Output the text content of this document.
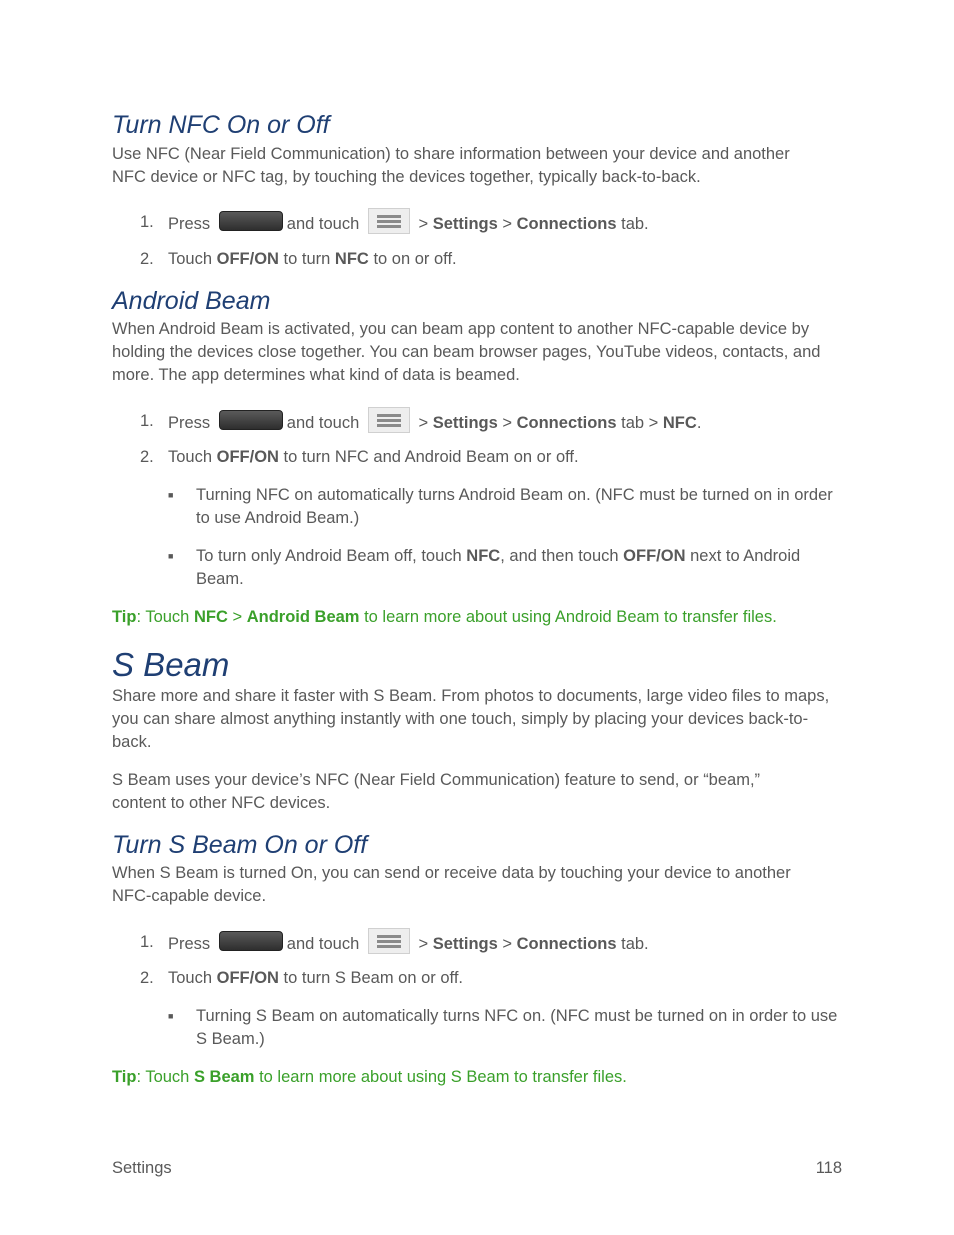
Turn NFC On or Off

Use NFC (Near Field Communication) to share information between your device and another NFC device or NFC tag, by touching the devices together, typically back-to-back.

1. Press	and touch	> Settings > Connections tab.
2. Touch OFF/ON to turn NFC to on or off.
Android Beam

When Android Beam is activated, you can beam app content to another NFC-capable device by holding the devices close together. You can beam browser pages, YouTube videos, contacts, and more. The app determines what kind of data is beamed.

1. Press	and touch	> Settings > Connections tab > NFC.
2. Touch OFF/ON to turn NFC and Android Beam on or off.
■	Turning NFC on automatically turns Android Beam on. (NFC must be turned on in order to use Android Beam.)
■	To turn only Android Beam off, touch NFC, and then touch OFF/ON next to Android Beam.

Tip: Touch NFC > Android Beam to learn more about using Android Beam to transfer files.

S Beam

Share more and share it faster with S Beam. From photos to documents, large video files to maps, you can share almost anything instantly with one touch, simply by placing your devices back-to-back.

S Beam uses your device’s NFC (Near Field Communication) feature to send, or “beam,” content to other NFC devices.

Turn S Beam On or Off

When S Beam is turned On, you can send or receive data by touching your device to another NFC-capable device.

1. Press	and touch	> Settings > Connections tab.
2. Touch OFF/ON to turn S Beam on or off.
■	Turning S Beam on automatically turns NFC on. (NFC must be turned on in order to use S Beam.)

Tip: Touch S Beam to learn more about using S Beam to transfer files.

Settings	118
